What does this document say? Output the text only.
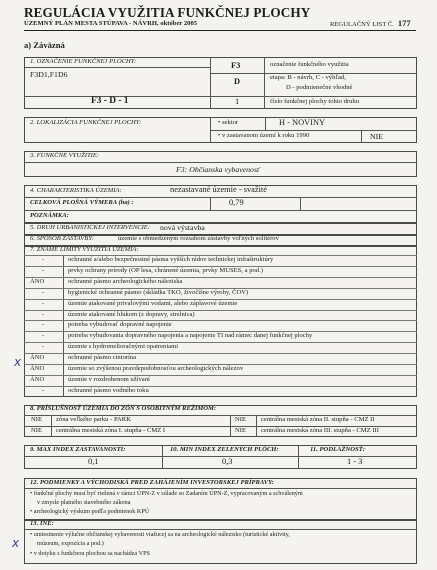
REGULÁCIA VYUŽITIA FUNKČNEJ PLOCHY
ÚZEMNÝ PLÁN MESTA STÚPAVA - NÁVRH, október 2005	REGULAČNÝ LIST Č. 177
a) Záväzná
1. OZNAČENIE FUNKČNEJ PLOCHY:
F3D1,F1D6
F3 - D - 1
F3	označenie funkčného využitia
D	etapa: B - návrh, C - výhľad,
D - podmienečne vhodné
1	číslo funkčnej plochy tohto druhu
2. LOKALIZÁCIA FUNKČNEJ PLOCHY:	• sektor	H - NOVINY
• v zastavanom území k roku 1990	NIE
3. FUNKČNÉ VYUŽITIE:
F3: Občianska vybavenosť
4. CHARAKTERISTIKA ÚZEMIA:	nezastavané územie - svažité
CELKOVÁ PLOŠNÁ VÝMERA (ha) :	0,79
POZNÁMKA:
5. DRUH URBANISTICKEJ INTERVENCIE: nová výstavba
6. SPÔSOB ZÁSTAVBY:	územie s obmedzeným rozsahom zástavby voľných solitérov
7. ZNÁME LIMITY VYUŽITIA ÚZEMIA:
-	ochranné a/alebo bezpečnostné pásma vyšších rádov technickej infraštruktúry
-	prvky ochrany prírody (OP lesa, chránené územia, prvky MUSES, a pod.)
ÁNO	ochranné pásmo archeologického náleziska
-	hygienické ochranné pásmo (skládka TKO, živočíšne výroby, ČOV)
-	územie atakované privalovými vodami, alebo záplavové územie
-	územie atakované hlukom (z dopravy, strelnica)
-	potreba vybudovať dopravné napojenie
-	potreba vybudovania dopravného napojenia a napojenie TI nad rámec danej funkčnej plochy
-	územie s hydromelioračnými opatreniami
ÁNO	ochranné pásmo cintorína
ÁNO	územie so zvýšenou pravdepodobnosťou archeologických nálezov
ÁNO	územie v rozdrobenom užívaní
-	ochranné pásmo vodného toku
8. PRÍSLUŠNOSŤ ÚZEMIA DO ZÓN S OSOBITNÝM REŽIMOM:
NIE zóna veľkého parku - PARK	NIE centrálna mestská zóna II. stupňa - CMZ II
NIE centrálna mestská zóna I. stupňa - CMZ I	NIE centrálna mestská zóna III. stupňa - CMZ III
9. MAX INDEX ZASTAVANOSTI:
0,1
10. MIN INDEX ZELENÝCH PLÔCH:
0,3
11. PODLAŽNOSŤ:
1 - 3
12. PODMIENKY A VÝCHODISKÁ PRED ZAHÁJENÍM INVESTORSKEJ PRÍPRAVY:
• funkčné plochy musí byť riešená v rámci ÚPN-Z v súlade so Zadaním ÚPN-Z, vypracovaným a schváleným
v zmysle platného stavebného zákona
• archeologický výskum podľa podmienok KPÚ
13. INÉ:
• umiestnenie výlučne občianskej vybavenosti viažucej sa na archeologické nálezisko (turistické aktivity,
múzeum, expozícia a pod.)
• v dotyku s funkčnou plochou sa nachádza VPS
x
x
